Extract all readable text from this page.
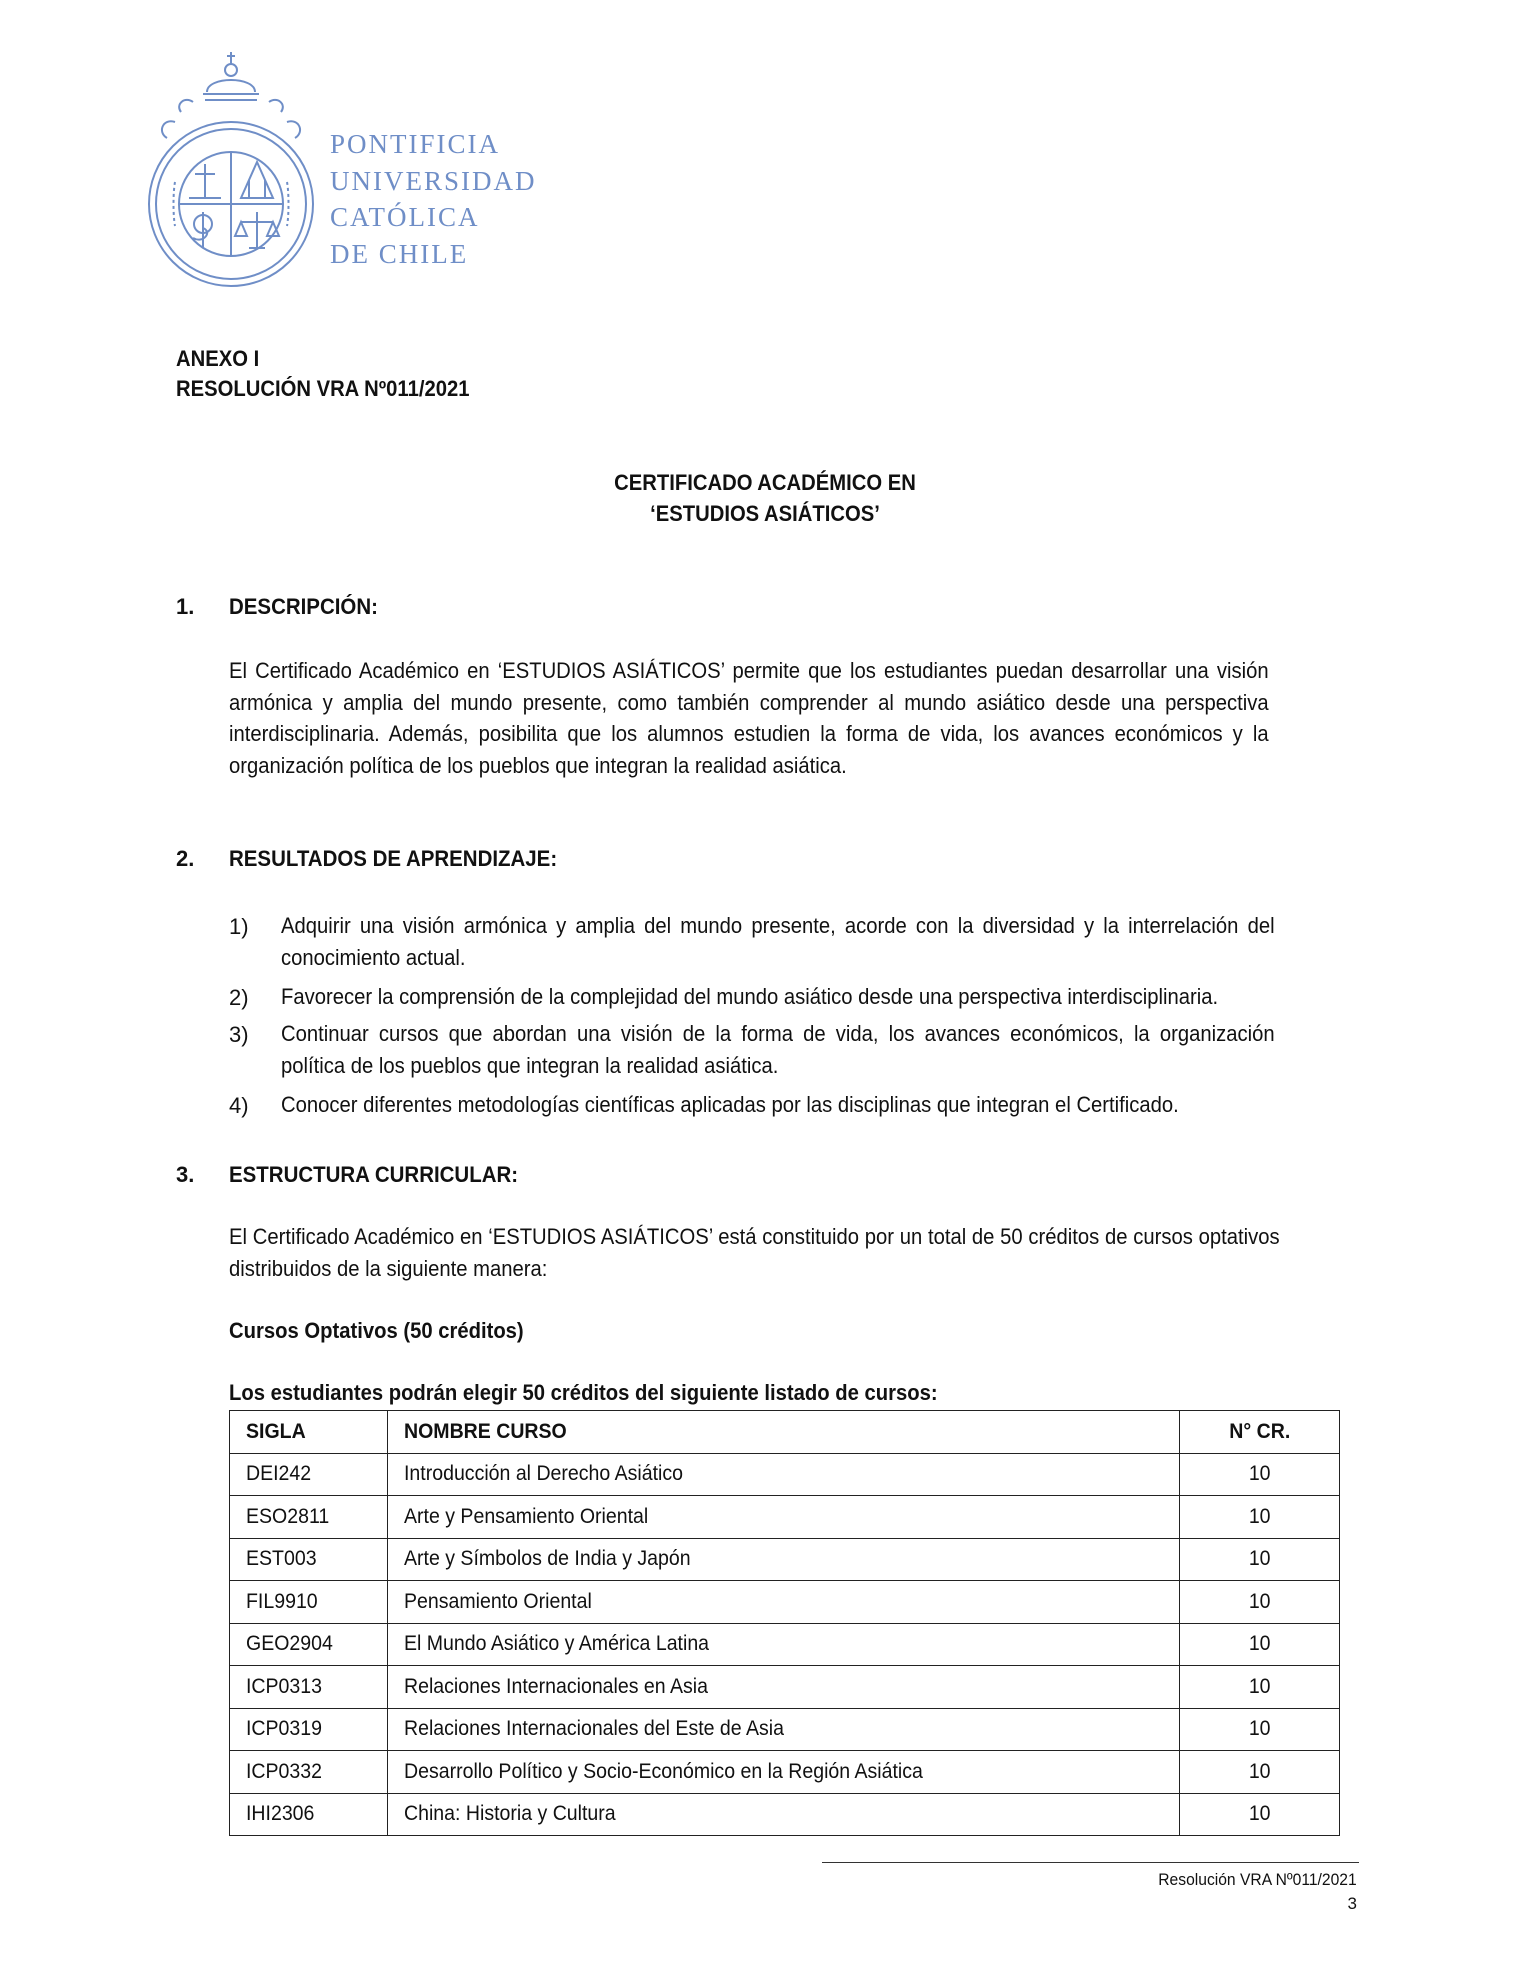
PONTIFICIA
UNIVERSIDAD
CATÓLICA
DE CHILE
ANEXO I
RESOLUCIÓN VRA Nº011/2021
CERTIFICADO ACADÉMICO EN
‘ESTUDIOS ASIÁTICOS’
1. DESCRIPCIÓN:
El Certificado Académico en ‘ESTUDIOS ASIÁTICOS’ permite que los estudiantes puedan desarrollar una visión armónica y amplia del mundo presente, como también comprender al mundo asiático desde una perspectiva interdisciplinaria. Además, posibilita que los alumnos estudien la forma de vida, los avances económicos y la organización política de los pueblos que integran la realidad asiática.
2. RESULTADOS DE APRENDIZAJE:
1) Adquirir una visión armónica y amplia del mundo presente, acorde con la diversidad y la interrelación del conocimiento actual.
2) Favorecer la comprensión de la complejidad del mundo asiático desde una perspectiva interdisciplinaria.
3) Continuar cursos que abordan una visión de la forma de vida, los avances económicos, la organización política de los pueblos que integran la realidad asiática.
4) Conocer diferentes metodologías científicas aplicadas por las disciplinas que integran el Certificado.
3. ESTRUCTURA CURRICULAR:
El Certificado Académico en ‘ESTUDIOS ASIÁTICOS’ está constituido por un total de 50 créditos de cursos optativos distribuidos de la siguiente manera:
Cursos Optativos (50 créditos)
Los estudiantes podrán elegir 50 créditos del siguiente listado de cursos:
SIGLA	NOMBRE CURSO	N° CR.
DEI242	Introducción al Derecho Asiático	10
ESO2811	Arte y Pensamiento Oriental	10
EST003	Arte y Símbolos de India y Japón	10
FIL9910	Pensamiento Oriental	10
GEO2904	El Mundo Asiático y América Latina	10
ICP0313	Relaciones Internacionales en Asia	10
ICP0319	Relaciones Internacionales del Este de Asia	10
ICP0332	Desarrollo Político y Socio-Económico en la Región Asiática	10
IHI2306	China: Historia y Cultura	10
Resolución VRA Nº011/2021
3
